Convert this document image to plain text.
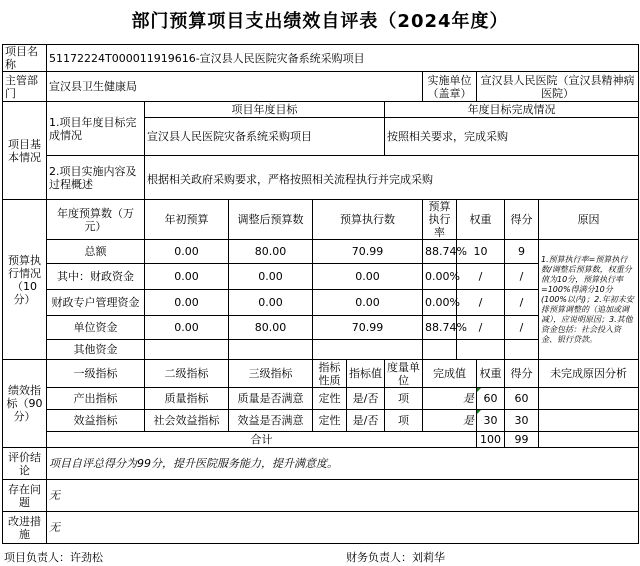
部门预算项目支出绩效自评表（2024年度）
项目名称	51172224T000011919616-宣汉县人民医院灾备系统采购项目										
主管部门	宣汉县卫生健康局						实施单位（盖章）		宣汉县人民医院（宣汉县精神病医院）		
项目基本情况	1.项目年度目标完成情况	项目年度目标				年度目标完成情况					
		宣汉县人民医院灾备系统采购项目				按照相关要求，完成采购					
	2.项目实施内容及过程概述										
		根据相关政府采购要求，严格按照相关流程执行并完成采购									
预算执行情况（10分）	年度预算数（万元）	年初预算	调整后预算数	预算执行数			预算执行率	权重		得分	原因
	总额	0.00	80.00	70.99			88.74%	10		9	1.预算执行率=预算执行数/调整后预算数，权重分值为10分，预算执行率=100%得满分10分(100%以内)；2.年初未安排预算调整的（追加或调减），应说明原因；3.其他资金包括：社会投入资金、银行贷款。
	其中：财政资金	0.00	0.00	0.00			0.00%	/		/	
	财政专户管理资金	0.00	0.00	0.00			0.00%	/		/	
	单位资金	0.00	80.00	70.99			88.74%	/		/	
	其他资金										
绩效指标（90分）	一级指标	二级指标	三级指标	指标性质	指标值	度量单位	完成值		权重	得分	未完成原因分析
	产出指标	质量指标	质量是否满意	定性	是/否	项	是		60	60	
	效益指标	社会效益指标	效益是否满意	定性	是/否	项	是		30	30	
	合计								100	99	
评价结论	项目自评总得分为99分，提升医院服务能力，提升满意度。										
存在问题	无										
改进措施	无										
项目负责人：许劲松	财务负责人：刘莉华
